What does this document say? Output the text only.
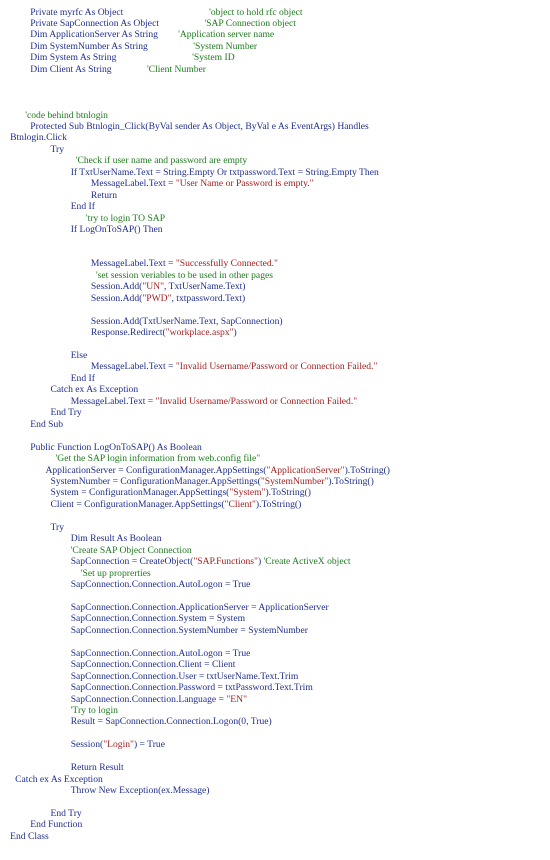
Private myrfc As Object	'object to hold rfc object
Private SapConnection As Object	'SAP Connection object
Dim ApplicationServer As String 'Application server name
Dim SystemNumber As String	'System Number
Dim System As String	'System ID
Dim Client As String	'Client Number
'code behind btnlogin
Protected Sub Btnlogin_Click(ByVal sender As Object, ByVal e As EventArgs) Handles
Btnlogin.Click
Try
'Check if user name and password are empty
If TxtUserName.Text = String.Empty Or txtpassword.Text = String.Empty Then
MessageLabel.Text = "User Name or Password is empty."
Return
End If
'try to login TO SAP
If LogOnToSAP() Then
MessageLabel.Text = "Successfully Connected."
'set session veriables to be used in other pages
Session.Add("UN", TxtUserName.Text)
Session.Add("PWD", txtpassword.Text)
Session.Add(TxtUserName.Text, SapConnection)
Response.Redirect("workplace.aspx")
Else
MessageLabel.Text = "Invalid Username/Password or Connection Failed."
End If
Catch ex As Exception
MessageLabel.Text = "Invalid Username/Password or Connection Failed."
End Try
End Sub
Public Function LogOnToSAP() As Boolean
'Get the SAP login information from web.config file"
ApplicationServer = ConfigurationManager.AppSettings("ApplicationServer").ToString()
SystemNumber = ConfigurationManager.AppSettings("SystemNumber").ToString()
System = ConfigurationManager.AppSettings("System").ToString()
Client = ConfigurationManager.AppSettings("Client").ToString()
Try
Dim Result As Boolean
'Create SAP Object Connection
SapConnection = CreateObject("SAP.Functions") 'Create ActiveX object
'Set up proprerties
SapConnection.Connection.AutoLogon = True
SapConnection.Connection.ApplicationServer = ApplicationServer
SapConnection.Connection.System = System
SapConnection.Connection.SystemNumber = SystemNumber
SapConnection.Connection.AutoLogon = True
SapConnection.Connection.Client = Client
SapConnection.Connection.User = txtUserName.Text.Trim
SapConnection.Connection.Password = txtPassword.Text.Trim
SapConnection.Connection.Language = "EN"
'Try to login
Result = SapConnection.Connection.Logon(0, True)
Session("Login") = True
Return Result
Catch ex As Exception
Throw New Exception(ex.Message)
End Try
End Function
End Class
